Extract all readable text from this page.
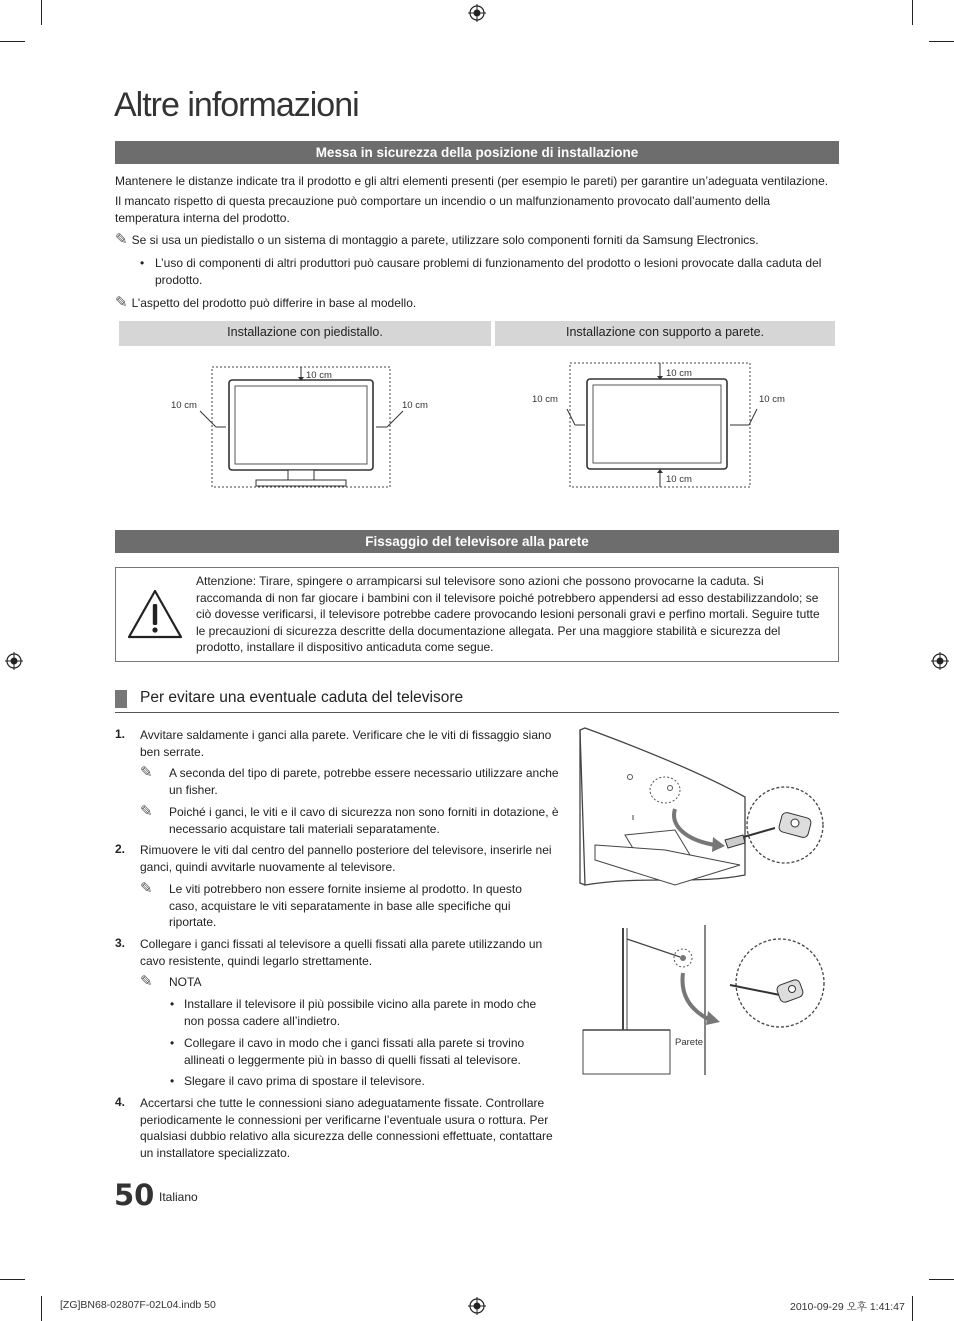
Altre informazioni
Messa in sicurezza della posizione di installazione
Mantenere le distanze indicate tra il prodotto e gli altri elementi presenti (per esempio le pareti) per garantire un’adeguata ventilazione.
Il mancato rispetto di questa precauzione può comportare un incendio o un malfunzionamento provocato dall’aumento della temperatura interna del prodotto.
✎ Se si usa un piedistallo o un sistema di montaggio a parete, utilizzare solo componenti forniti da Samsung Electronics.
• L’uso di componenti di altri produttori può causare problemi di funzionamento del prodotto o lesioni provocate dalla caduta del prodotto.
✎ L’aspetto del prodotto può differire in base al modello.
Installazione con piedistallo.	Installazione con supporto a parete.
10 cm
10 cm	10 cm
10 cm
10 cm
10 cm	10 cm
Fissaggio del televisore alla parete
Attenzione: Tirare, spingere o arrampicarsi sul televisore sono azioni che possono provocarne la caduta. Si raccomanda di non far giocare i bambini con il televisore poiché potrebbero appendersi ad esso destabilizzandolo; se ciò dovesse verificarsi, il televisore potrebbe cadere provocando lesioni personali gravi e perfino mortali. Seguire tutte le precauzioni di sicurezza descritte della documentazione allegata. Per una maggiore stabilità e sicurezza del prodotto, installare il dispositivo anticaduta come segue.
Per evitare una eventuale caduta del televisore
1. Avvitare saldamente i ganci alla parete. Verificare che le viti di fissaggio siano ben serrate.
✎	A seconda del tipo di parete, potrebbe essere necessario utilizzare anche un fisher.
✎	Poiché i ganci, le viti e il cavo di sicurezza non sono forniti in dotazione, è necessario acquistare tali materiali separatamente.
2. Rimuovere le viti dal centro del pannello posteriore del televisore, inserirle nei ganci, quindi avvitarle nuovamente al televisore.
✎	Le viti potrebbero non essere fornite insieme al prodotto. In questo caso, acquistare le viti separatamente in base alle specifiche qui riportate.
3. Collegare i ganci fissati al televisore a quelli fissati alla parete utilizzando un cavo resistente, quindi legarlo strettamente.
✎	NOTA
• Installare il televisore il più possibile vicino alla parete in modo che non possa cadere all’indietro.
• Collegare il cavo in modo che i ganci fissati alla parete si trovino allineati o leggermente più in basso di quelli fissati al televisore.
• Slegare il cavo prima di spostare il televisore.
4. Accertarsi che tutte le connessioni siano adeguatamente fissate. Controllare periodicamente le connessioni per verificarne l’eventuale usura o rottura. Per qualsiasi dubbio relativo alla sicurezza delle connessioni effettuate, contattare un installatore specializzato.
Parete
50 Italiano
[ZG]BN68-02807F-02L04.indb 50	2010-09-29 오후 1:41:47
